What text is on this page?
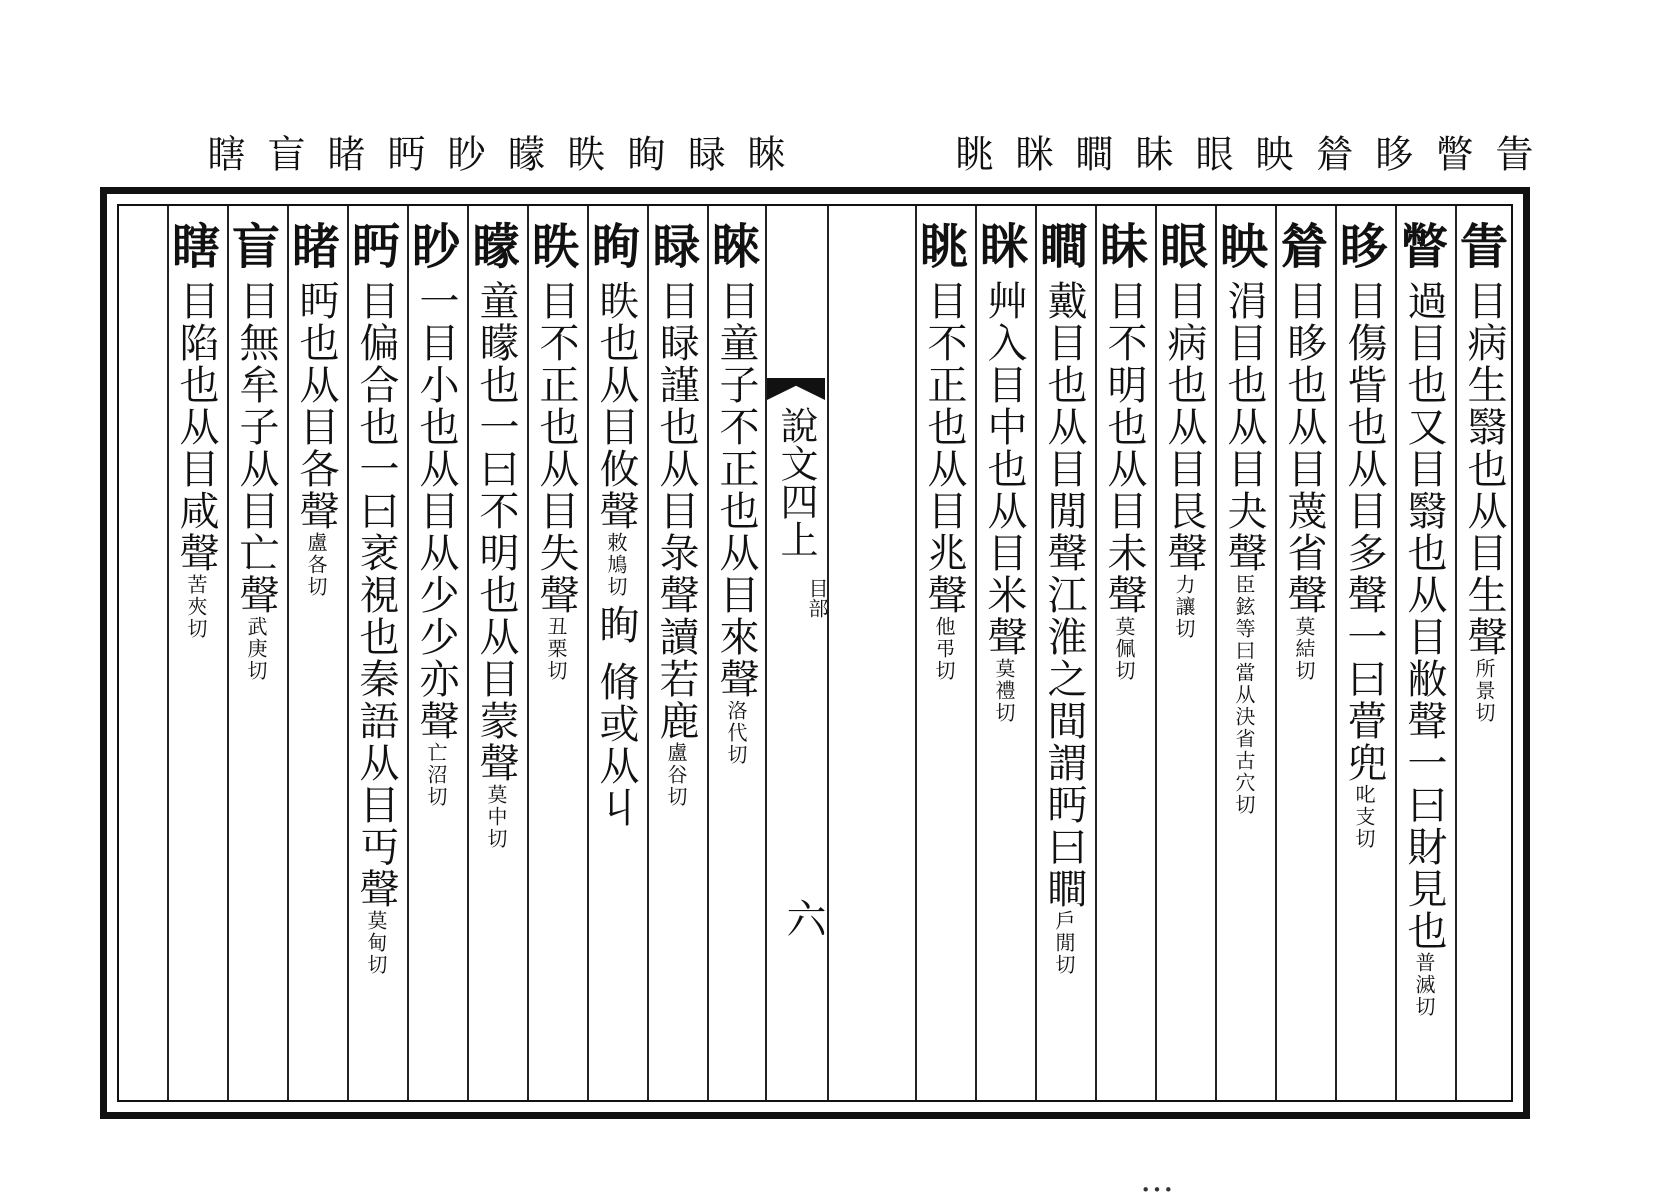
眚
瞥
眵
䁞
眏
眼
眛
瞷
眯
眺
睞
睩
眴
眣
矇
眇
眄
睹
盲
瞎
說文四上
目部
六
眚
目病生翳也从目生聲所景切
瞥
過目也又目翳也从目敝聲一曰財見也普滅切
眵
目傷眥也从目多聲一曰瞢兜叱支切
䁞
目眵也从目蔑省聲莫結切
眏
涓目也从目夬聲臣鉉等曰當从決省古穴切
眼
目病也从目艮聲力讓切
眛
目不明也从目未聲莫佩切
瞷
戴目也从目閒聲江淮之間謂眄曰瞷戶閒切
眯
艸入目中也从目米聲莫禮切
眺
目不正也从目兆聲他弔切
睞
目童子不正也从目來聲洛代切
睩
目睩謹也从目彔聲讀若鹿盧谷切
眴
眣也从目攸聲敕鳩切眴 脩或从丩
眣
目不正也从目失聲丑栗切
矇
童矇也一曰不明也从目蒙聲莫中切
眇
一目小也从目从少少亦聲亡沼切
眄
目偏合也一曰衺視也秦語从目丏聲莫甸切
睹
眄也从目各聲盧各切
盲
目無牟子从目亡聲武庚切
瞎
目陷也从目咸聲苦夾切
…
